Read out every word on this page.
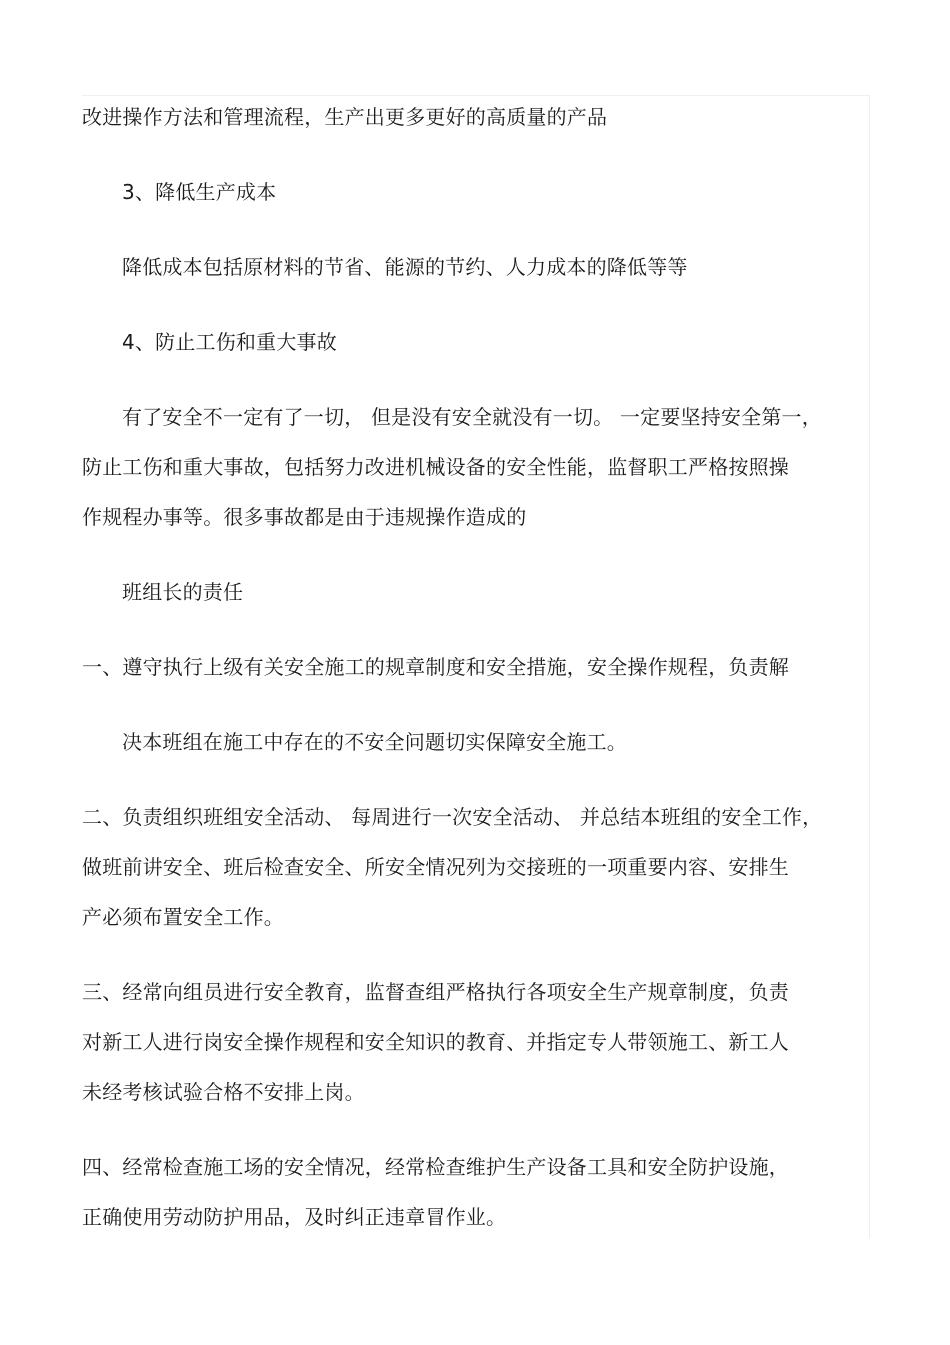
改进操作方法和管理流程，生产出更多更好的高质量的产品

3、降低生产成本

降低成本包括原材料的节省、能源的节约、人力成本的降低等等

4、防止工伤和重大事故

有了安全不一定有了一切， 但是没有安全就没有一切。 一定要坚持安全第一，

防止工伤和重大事故，包括努力改进机械设备的安全性能，监督职工严格按照操

作规程办事等。很多事故都是由于违规操作造成的

班组长的责任

一、遵守执行上级有关安全施工的规章制度和安全措施，安全操作规程，负责解

决本班组在施工中存在的不安全问题切实保障安全施工。

二、负责组织班组安全活动、 每周进行一次安全活动、 并总结本班组的安全工作，

做班前讲安全、班后检查安全、所安全情况列为交接班的一项重要内容、安排生

产必须布置安全工作。

三、经常向组员进行安全教育，监督查组严格执行各项安全生产规章制度，负责

对新工人进行岗安全操作规程和安全知识的教育、并指定专人带领施工、新工人

未经考核试验合格不安排上岗。

四、经常检查施工场的安全情况，经常检查维护生产设备工具和安全防护设施，

正确使用劳动防护用品，及时纠正违章冒作业。
